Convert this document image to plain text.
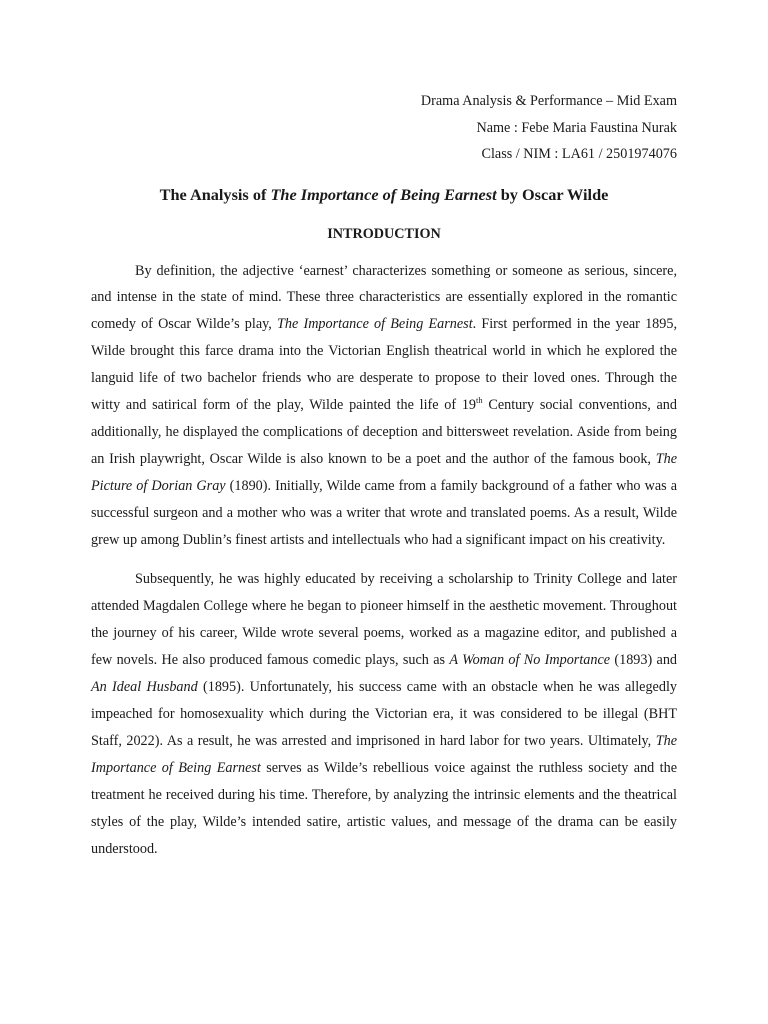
Drama Analysis & Performance – Mid Exam
Name : Febe Maria Faustina Nurak
Class / NIM : LA61 / 2501974076
The Analysis of The Importance of Being Earnest by Oscar Wilde
INTRODUCTION

By definition, the adjective ‘earnest’ characterizes something or someone as serious, sincere, and intense in the state of mind. These three characteristics are essentially explored in the romantic comedy of Oscar Wilde’s play, The Importance of Being Earnest. First performed in the year 1895, Wilde brought this farce drama into the Victorian English theatrical world in which he explored the languid life of two bachelor friends who are desperate to propose to their loved ones. Through the witty and satirical form of the play, Wilde painted the life of 19th Century social conventions, and additionally, he displayed the complications of deception and bittersweet revelation. Aside from being an Irish playwright, Oscar Wilde is also known to be a poet and the author of the famous book, The Picture of Dorian Gray (1890). Initially, Wilde came from a family background of a father who was a successful surgeon and a mother who was a writer that wrote and translated poems. As a result, Wilde grew up among Dublin’s finest artists and intellectuals who had a significant impact on his creativity.

Subsequently, he was highly educated by receiving a scholarship to Trinity College and later attended Magdalen College where he began to pioneer himself in the aesthetic movement. Throughout the journey of his career, Wilde wrote several poems, worked as a magazine editor, and published a few novels. He also produced famous comedic plays, such as A Woman of No Importance (1893) and An Ideal Husband (1895). Unfortunately, his success came with an obstacle when he was allegedly impeached for homosexuality which during the Victorian era, it was considered to be illegal (BHT Staff, 2022). As a result, he was arrested and imprisoned in hard labor for two years. Ultimately, The Importance of Being Earnest serves as Wilde’s rebellious voice against the ruthless society and the treatment he received during his time. Therefore, by analyzing the intrinsic elements and the theatrical styles of the play, Wilde’s intended satire, artistic values, and message of the drama can be easily understood.
